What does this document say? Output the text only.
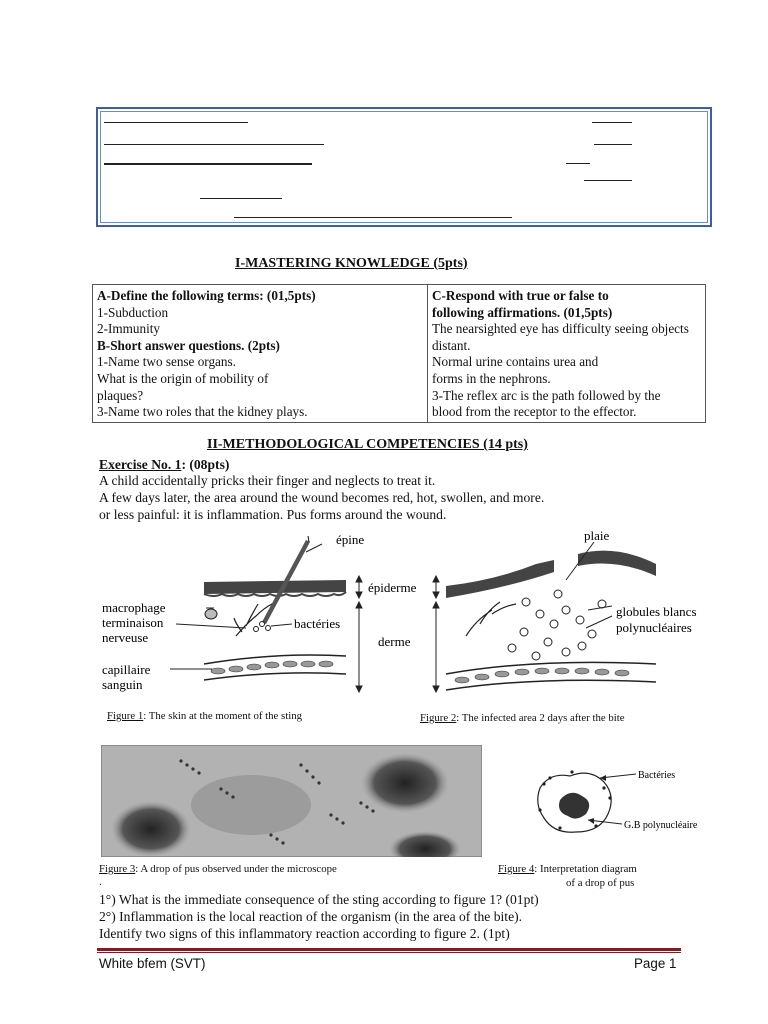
I-MASTERING KNOWLEDGE (5pts)
A-Define the following terms: (01,5pts)
1-Subduction
2-Immunity
B-Short answer questions. (2pts)
1-Name two sense organs.
What is the origin of mobility of
plaques?
3-Name two roles that the kidney plays.

C-Respond with true or false to
following affirmations. (01,5pts)
The nearsighted eye has difficulty seeing objects
distant.
Normal urine contains urea and
forms in the nephrons.
3-The reflex arc is the path followed by the
blood from the receptor to the effector.
II-METHODOLOGICAL COMPETENCIES (14 pts)
Exercise No. 1: (08pts)
A child accidentally pricks their finger and neglects to treat it.
A few days later, the area around the wound becomes red, hot, swollen, and more.
or less painful: it is inflammation. Pus forms around the wound.
épine
macrophage
terminaison
nerveuse
bactéries
capillaire
sanguin
épiderme
derme
plaie
globules blancs
polynucléaires
Figure 1: The skin at the moment of the sting	Figure 2: The infected area 2 days after the bite
Bactéries
G.B polynucléaire
Figure 3: A drop of pus observed under the microscope
.
Figure 4: Interpretation diagram
of a drop of pus
1°) What is the immediate consequence of the sting according to figure 1? (01pt)
2°) Inflammation is the local reaction of the organism (in the area of the bite).
Identify two signs of this inflammatory reaction according to figure 2. (1pt)
White bfem (SVT)	Page 1
